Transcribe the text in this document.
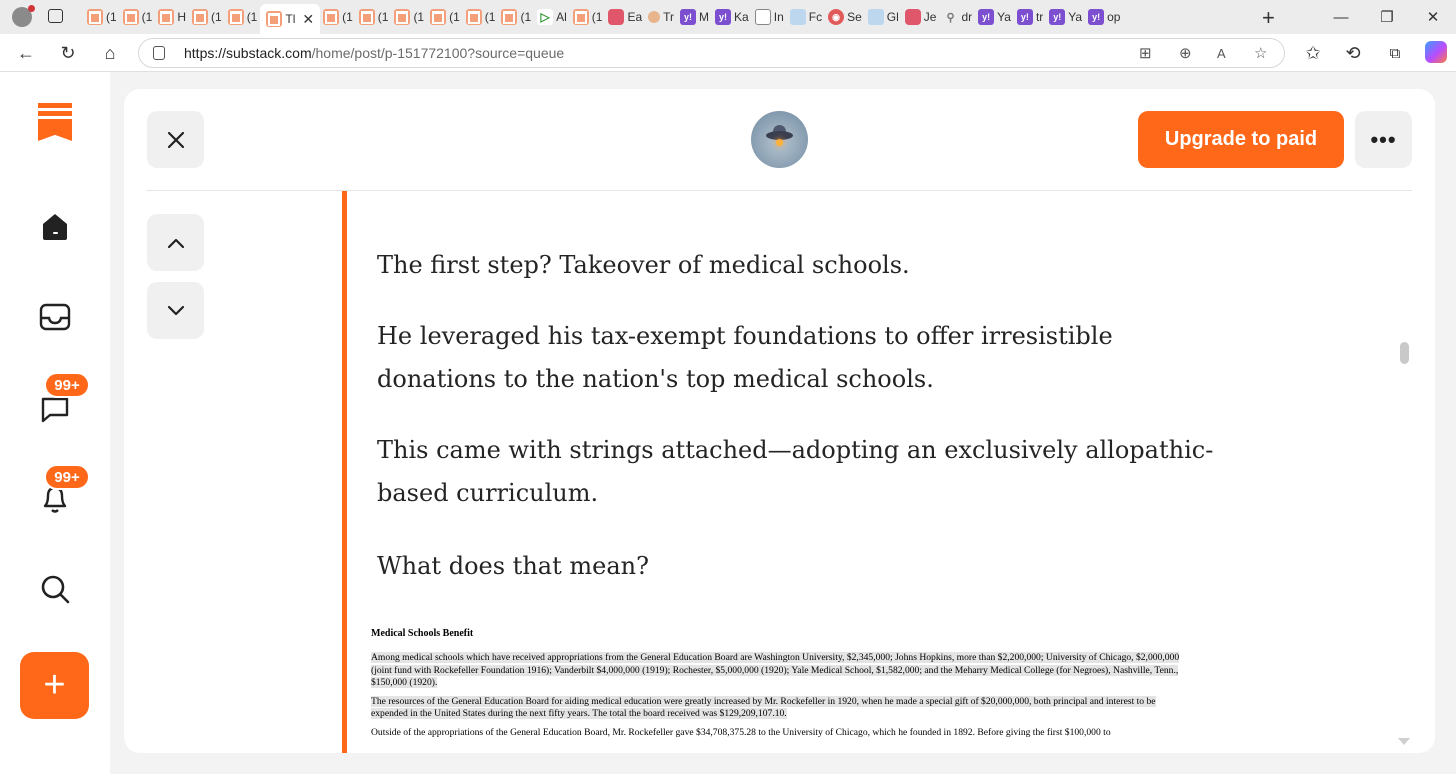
(1 (1 H (1 (1 Tl ✕ (1 (1 (1 (1 (1 (1 ▷ Al (1 Ea Tr	y! M	y! Ka In Fc	◉ Se Gl Je ⚲ dr	y! Ya	y! tr	y! Ya	y! op	+	—	❐	✕
←	↻	⌂	https://substack.com/home/post/p-151772100?source=queue	⊞ ⊕ A ☆	✩	⟲	⧉
99+
99+
+
Upgrade to paid	•••

The first step? Takeover of medical schools.

He leveraged his tax-exempt foundations to offer irresistible donations to the nation's top medical schools.

This came with strings attached—adopting an exclusively allopathic-based curriculum.

What does that mean?

Medical Schools Benefit
Among medical schools which have received appropriations from the General Education Board are Washington University, $2,345,000; Johns Hopkins, more than $2,200,000; University of Chicago, $2,000,000 (joint fund with Rockefeller Foundation 1916); Vanderbilt $4,000,000 (1919); Rochester, $5,000,000 (1920); Yale Medical School, $1,582,000; and the Meharry Medical College (for Negroes), Nashville, Tenn., $150,000 (1920).
The resources of the General Education Board for aiding medical education were greatly increased by Mr. Rockefeller in 1920, when he made a special gift of $20,000,000, both principal and interest to be expended in the United States during the next fifty years. The total the board received was $129,209,107.10.
Outside of the appropriations of the General Education Board, Mr. Rockefeller gave $34,708,375.28 to the University of Chicago, which he founded in 1892. Before giving the first $100,000 to
